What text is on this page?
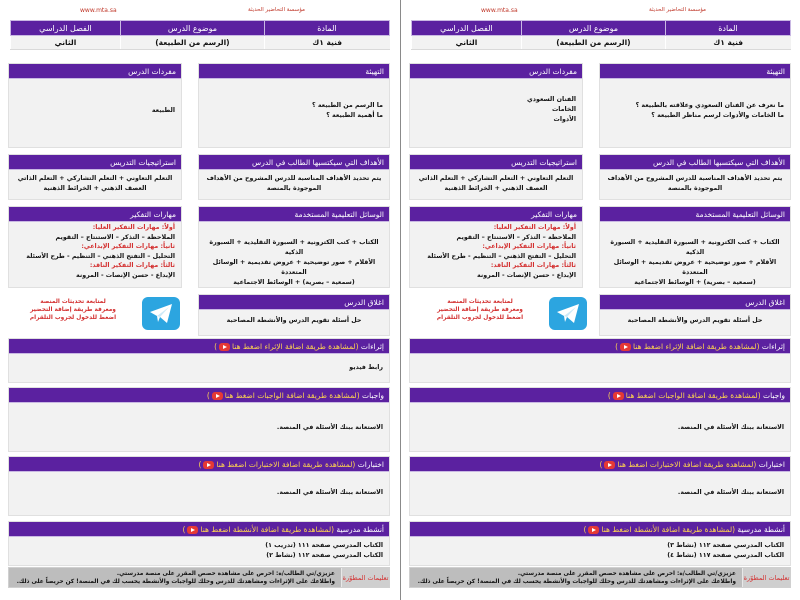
مؤسسة التحاضير الحديثة
www.mta.sa
المادة	موضوع الدرس	الفصل الدراسي
فنية ١ك	(الرسم من الطبيعة)	الثاني
التهيئة
ما الرسم من الطبيعة ؟
ما أهمية الطبيعة ؟
مفردات الدرس
الطبيعة
الأهداف التي سيكتسبها الطالب في الدرس
يتم تحديد الأهداف المناسبة للدرس المشروح من الأهداف الموجودة بالمنصة
استراتيجيات التدريس
التعلم التعاوني + التعلم التشاركي + التعلم الذاتي
العصف الذهني + الخرائط الذهنية
الوسائل التعليمية المستخدمة
الكتاب + كتب الكترونية + السبورة التقليدية + السبورة الذكية
الأقلام + صور توضيحية + عروض تقديمية + الوسائل المتعددة
(سمعية – بصرية) + الوسائط الاجتماعية
مهارات التفكير
أولاً: مهارات التفكير العليا:
الملاحظة – التذكر – الاستنتاج – التقويم
ثانياً: مهارات التفكير الإبداعي:
التحليل – التفتح الذهني – التنظيم - طرح الأسئلة
ثالثاً: مهارات التفكير الناقد:
الإبداع - حسن الإنصات - المرونة
اغلاق الدرس
حل أسئلة تقويم الدرس والأنشطة المصاحبة
لمتابعة تحديثات المنصة
ومعرفة طريقة إضافة التحضير
اضغط للدخول لجروب التلقرام
إثراءات (لمشاهدة طريقة اضافة الإثراء اضغط هنا)
رابط فيديو
واجبات (لمشاهدة طريقة اضافة الواجبات اضغط هنا)
الاستعانة ببنك الأسئلة في المنصة.
اختبارات (لمشاهدة طريقة اضافة الاختبارات اضغط هنا)
الاستعانة ببنك الأسئلة في المنصة.
أنشطة مدرسية (لمشاهدة طريقة اضافة الأنشطة اضغط هنا)
الكتاب المدرسي صفحة ١١١ (تدريب ١)
الكتاب المدرسي صفحة ١١٢ (نشاط ٢)
تعليمات المطوّرة
عزيزي/تي الطالب/ة: احرص على مشاهدة حصص المقرر على منصة مدرستي.
واطلاعك على الإثراءات ومشاهدتك للدرس وحلك للواجبات والأنشطة يحسب لك في المنصة! كن حريصاً على ذلك.
مؤسسة التحاضير الحديثة
www.mta.sa
المادة	موضوع الدرس	الفصل الدراسي
فنية ١ك	(الرسم من الطبيعة)	الثاني
التهيئة
ما نعرف عن الفنان السعودي وعلاقته بالطبيعة ؟
ما الخامات والأدوات لرسم مناظر الطبيعة ؟
مفردات الدرس
الفنان السعودي
الخامات
الأدوات
الأهداف التي سيكتسبها الطالب في الدرس
يتم تحديد الأهداف المناسبة للدرس المشروح من الأهداف الموجودة بالمنصة
استراتيجيات التدريس
التعلم التعاوني + التعلم التشاركي + التعلم الذاتي
العصف الذهني + الخرائط الذهنية
الوسائل التعليمية المستخدمة
الكتاب + كتب الكترونية + السبورة التقليدية + السبورة الذكية
الأقلام + صور توضيحية + عروض تقديمية + الوسائل المتعددة
(سمعية – بصرية) + الوسائط الاجتماعية
مهارات التفكير
أولاً: مهارات التفكير العليا:
الملاحظة – التذكر – الاستنتاج – التقويم
ثانياً: مهارات التفكير الإبداعي:
التحليل – التفتح الذهني – التنظيم - طرح الأسئلة
ثالثاً: مهارات التفكير الناقد:
الإبداع - حسن الإنصات - المرونة
اغلاق الدرس
حل أسئلة تقويم الدرس والأنشطة المصاحبة
لمتابعة تحديثات المنصة
ومعرفة طريقة إضافة التحضير
اضغط للدخول لجروب التلقرام
إثراءات (لمشاهدة طريقة اضافة الإثراء اضغط هنا)
واجبات (لمشاهدة طريقة اضافة الواجبات اضغط هنا)
الاستعانة ببنك الأسئلة في المنصة.
اختبارات (لمشاهدة طريقة اضافة الاختبارات اضغط هنا)
الاستعانة ببنك الأسئلة في المنصة.
أنشطة مدرسية (لمشاهدة طريقة اضافة الأنشطة اضغط هنا)
الكتاب المدرسي صفحة ١١٢ (نشاط ٣)
الكتاب المدرسي صفحة ١١٧ (نشاط ٤)
تعليمات المطوّرة
عزيزي/تي الطالب/ة: احرص على مشاهدة حصص المقرر على منصة مدرستي.
واطلاعك على الإثراءات ومشاهدتك للدرس وحلك للواجبات والأنشطة يحسب لك في المنصة! كن حريصاً على ذلك.
